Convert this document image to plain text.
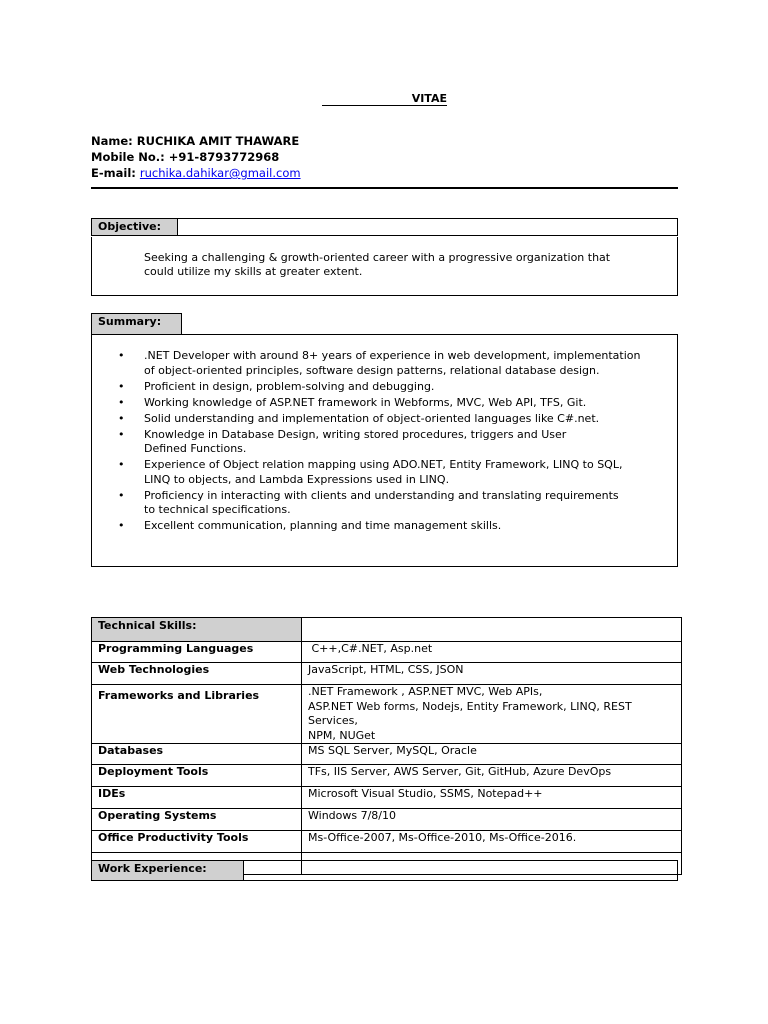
VITAE
Name: RUCHIKA AMIT THAWARE
Mobile No.: +91-8793772968
E-mail: ruchika.dahikar@gmail.com
Objective:
Seeking a challenging & growth-oriented career with a progressive organization that
could utilize my skills at greater extent.
Summary:
• .NET Developer with around 8+ years of experience in web development, implementation
of object-oriented principles, software design patterns, relational database design.
• Proficient in design, problem-solving and debugging.
• Working knowledge of ASP.NET framework in Webforms, MVC, Web API, TFS, Git.
• Solid understanding and implementation of object-oriented languages like C#.net.
• Knowledge in Database Design, writing stored procedures, triggers and User
Defined Functions.
• Experience of Object relation mapping using ADO.NET, Entity Framework, LINQ to SQL,
LINQ to objects, and Lambda Expressions used in LINQ.
• Proficiency in interacting with clients and understanding and translating requirements
to technical specifications.
• Excellent communication, planning and time management skills.
Technical Skills:	
Programming Languages	C++,C#.NET, Asp.net
Web Technologies	JavaScript, HTML, CSS, JSON
Frameworks and Libraries	.NET Framework , ASP.NET MVC, Web APIs,
ASP.NET Web forms, Nodejs, Entity Framework, LINQ, REST Services,
NPM, NUGet
Databases	MS SQL Server, MySQL, Oracle
Deployment Tools	TFs, IIS Server, AWS Server, Git, GitHub, Azure DevOps
IDEs	Microsoft Visual Studio, SSMS, Notepad++
Operating Systems	Windows 7/8/10
Office Productivity Tools	Ms-Office-2007, Ms-Office-2010, Ms-Office-2016.

Work Experience:
